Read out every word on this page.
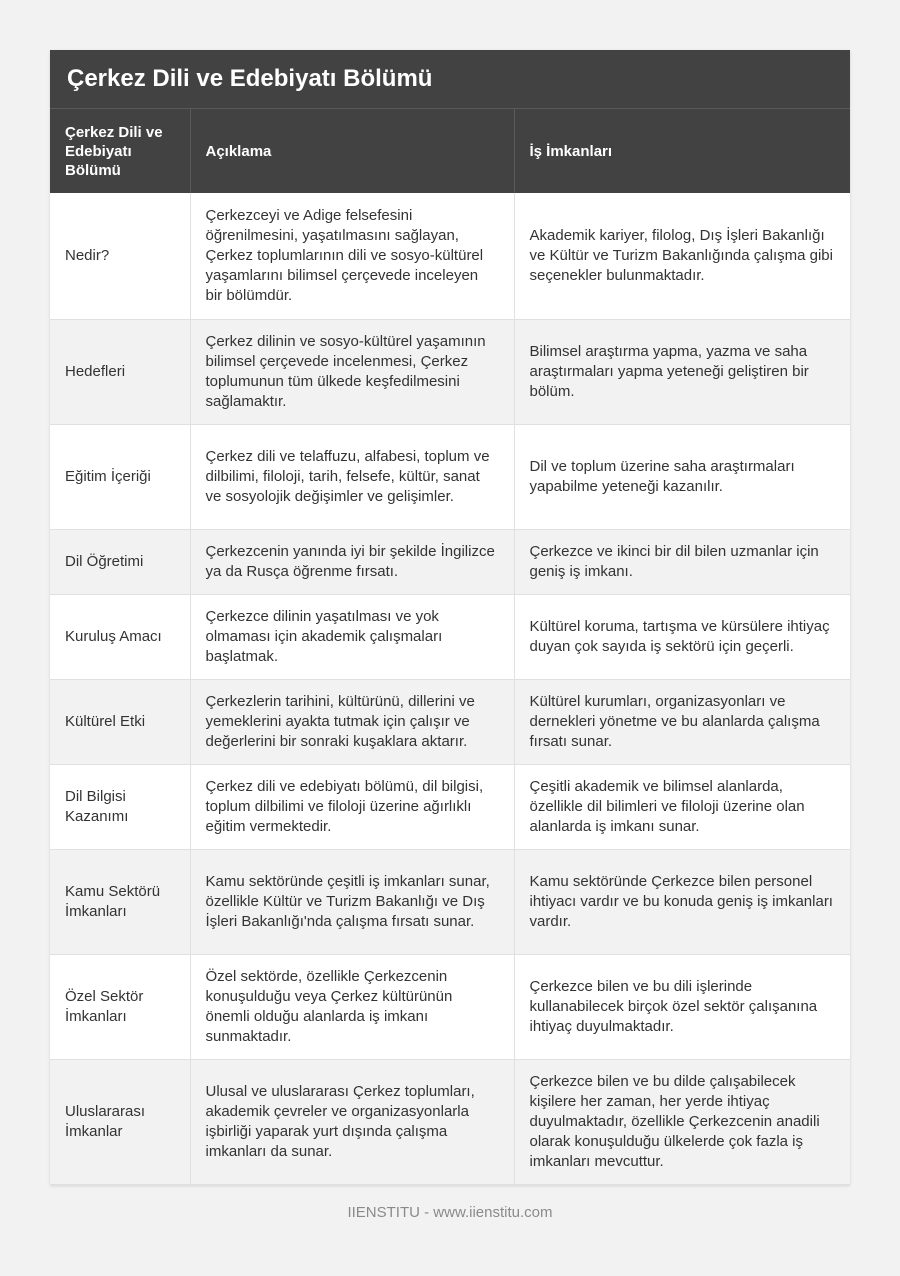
Çerkez Dili ve Edebiyatı Bölümü
Çerkez Dili ve Edebiyatı Bölümü	Açıklama	İş İmkanları
Nedir?	Çerkezceyi ve Adige felsefesini öğrenilmesini, yaşatılmasını sağlayan, Çerkez toplumlarının dili ve sosyo-kültürel yaşamlarını bilimsel çerçevede inceleyen bir bölümdür.	Akademik kariyer, filolog, Dış İşleri Bakanlığı ve Kültür ve Turizm Bakanlığında çalışma gibi seçenekler bulunmaktadır.
Hedefleri	Çerkez dilinin ve sosyo-kültürel yaşamının bilimsel çerçevede incelenmesi, Çerkez toplumunun tüm ülkede keşfedilmesini sağlamaktır.	Bilimsel araştırma yapma, yazma ve saha araştırmaları yapma yeteneği geliştiren bir bölüm.
Eğitim İçeriği	Çerkez dili ve telaffuzu, alfabesi, toplum ve dilbilimi, filoloji, tarih, felsefe, kültür, sanat ve sosyolojik değişimler ve gelişimler.	Dil ve toplum üzerine saha araştırmaları yapabilme yeteneği kazanılır.
Dil Öğretimi	Çerkezcenin yanında iyi bir şekilde İngilizce ya da Rusça öğrenme fırsatı.	Çerkezce ve ikinci bir dil bilen uzmanlar için geniş iş imkanı.
Kuruluş Amacı	Çerkezce dilinin yaşatılması ve yok olmaması için akademik çalışmaları başlatmak.	Kültürel koruma, tartışma ve kürsülere ihtiyaç duyan çok sayıda iş sektörü için geçerli.
Kültürel Etki	Çerkezlerin tarihini, kültürünü, dillerini ve yemeklerini ayakta tutmak için çalışır ve değerlerini bir sonraki kuşaklara aktarır.	Kültürel kurumları, organizasyonları ve dernekleri yönetme ve bu alanlarda çalışma fırsatı sunar.
Dil Bilgisi Kazanımı	Çerkez dili ve edebiyatı bölümü, dil bilgisi, toplum dilbilimi ve filoloji üzerine ağırlıklı eğitim vermektedir.	Çeşitli akademik ve bilimsel alanlarda, özellikle dil bilimleri ve filoloji üzerine olan alanlarda iş imkanı sunar.
Kamu Sektörü İmkanları	Kamu sektöründe çeşitli iş imkanları sunar, özellikle Kültür ve Turizm Bakanlığı ve Dış İşleri Bakanlığı'nda çalışma fırsatı sunar.	Kamu sektöründe Çerkezce bilen personel ihtiyacı vardır ve bu konuda geniş iş imkanları vardır.
Özel Sektör İmkanları	Özel sektörde, özellikle Çerkezcenin konuşulduğu veya Çerkez kültürünün önemli olduğu alanlarda iş imkanı sunmaktadır.	Çerkezce bilen ve bu dili işlerinde kullanabilecek birçok özel sektör çalışanına ihtiyaç duyulmaktadır.
Uluslararası İmkanlar	Ulusal ve uluslararası Çerkez toplumları, akademik çevreler ve organizasyonlarla işbirliği yaparak yurt dışında çalışma imkanları da sunar.	Çerkezce bilen ve bu dilde çalışabilecek kişilere her zaman, her yerde ihtiyaç duyulmaktadır, özellikle Çerkezcenin anadili olarak konuşulduğu ülkelerde çok fazla iş imkanları mevcuttur.
IIENSTITU - www.iienstitu.com
